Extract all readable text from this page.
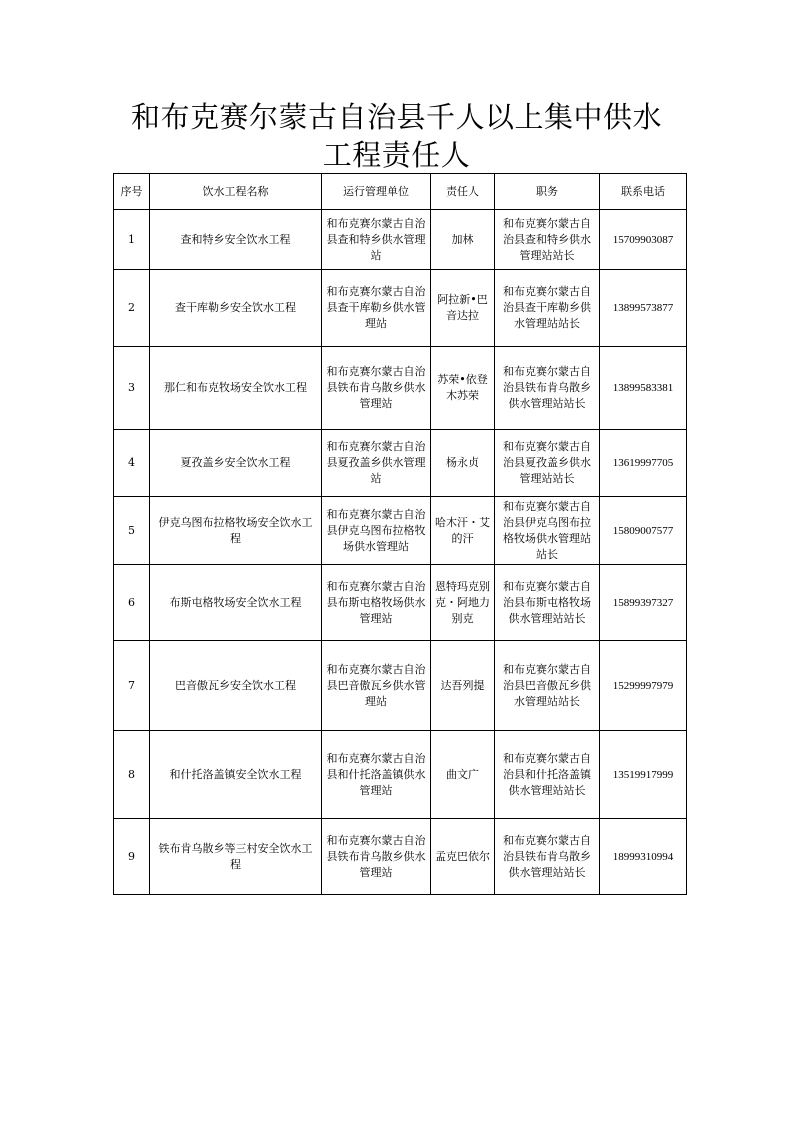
和布克赛尔蒙古自治县千人以上集中供水
工程责任人
序号	饮水工程名称	运行管理单位	责任人	职务	联系电话
1	查和特乡安全饮水工程	和布克赛尔蒙古自治县查和特乡供水管理站	加林	和布克赛尔蒙古自治县查和特乡供水管理站站长	15709903087
2	查干库勒乡安全饮水工程	和布克赛尔蒙古自治县查干库勒乡供水管理站	阿拉新•巴音达拉	和布克赛尔蒙古自治县查干库勒乡供水管理站站长	13899573877
3	那仁和布克牧场安全饮水工程	和布克赛尔蒙古自治县铁布肯乌散乡供水管理站	苏荣•依登木苏荣	和布克赛尔蒙古自治县铁布肯乌散乡供水管理站站长	13899583381
4	夏孜盖乡安全饮水工程	和布克赛尔蒙古自治县夏孜盖乡供水管理站	杨永贞	和布克赛尔蒙古自治县夏孜盖乡供水管理站站长	13619997705
5	伊克乌图布拉格牧场安全饮水工程	和布克赛尔蒙古自治县伊克乌图布拉格牧场供水管理站	哈木汗・艾的汗	和布克赛尔蒙古自治县伊克乌图布拉格牧场供水管理站站长	15809007577
6	布斯屯格牧场安全饮水工程	和布克赛尔蒙古自治县布斯屯格牧场供水管理站	恩特玛克别克・阿地力别克	和布克赛尔蒙古自治县布斯屯格牧场供水管理站站长	15899397327
7	巴音傲瓦乡安全饮水工程	和布克赛尔蒙古自治县巴音傲瓦乡供水管理站	达吾列提	和布克赛尔蒙古自治县巴音傲瓦乡供水管理站站长	15299997979
8	和什托洛盖镇安全饮水工程	和布克赛尔蒙古自治县和什托洛盖镇供水管理站	曲文广	和布克赛尔蒙古自治县和什托洛盖镇供水管理站站长	13519917999
9	铁布肯乌散乡等三村安全饮水工程	和布克赛尔蒙古自治县铁布肯乌散乡供水管理站	孟克巴依尔	和布克赛尔蒙古自治县铁布肯乌散乡供水管理站站长	18999310994
